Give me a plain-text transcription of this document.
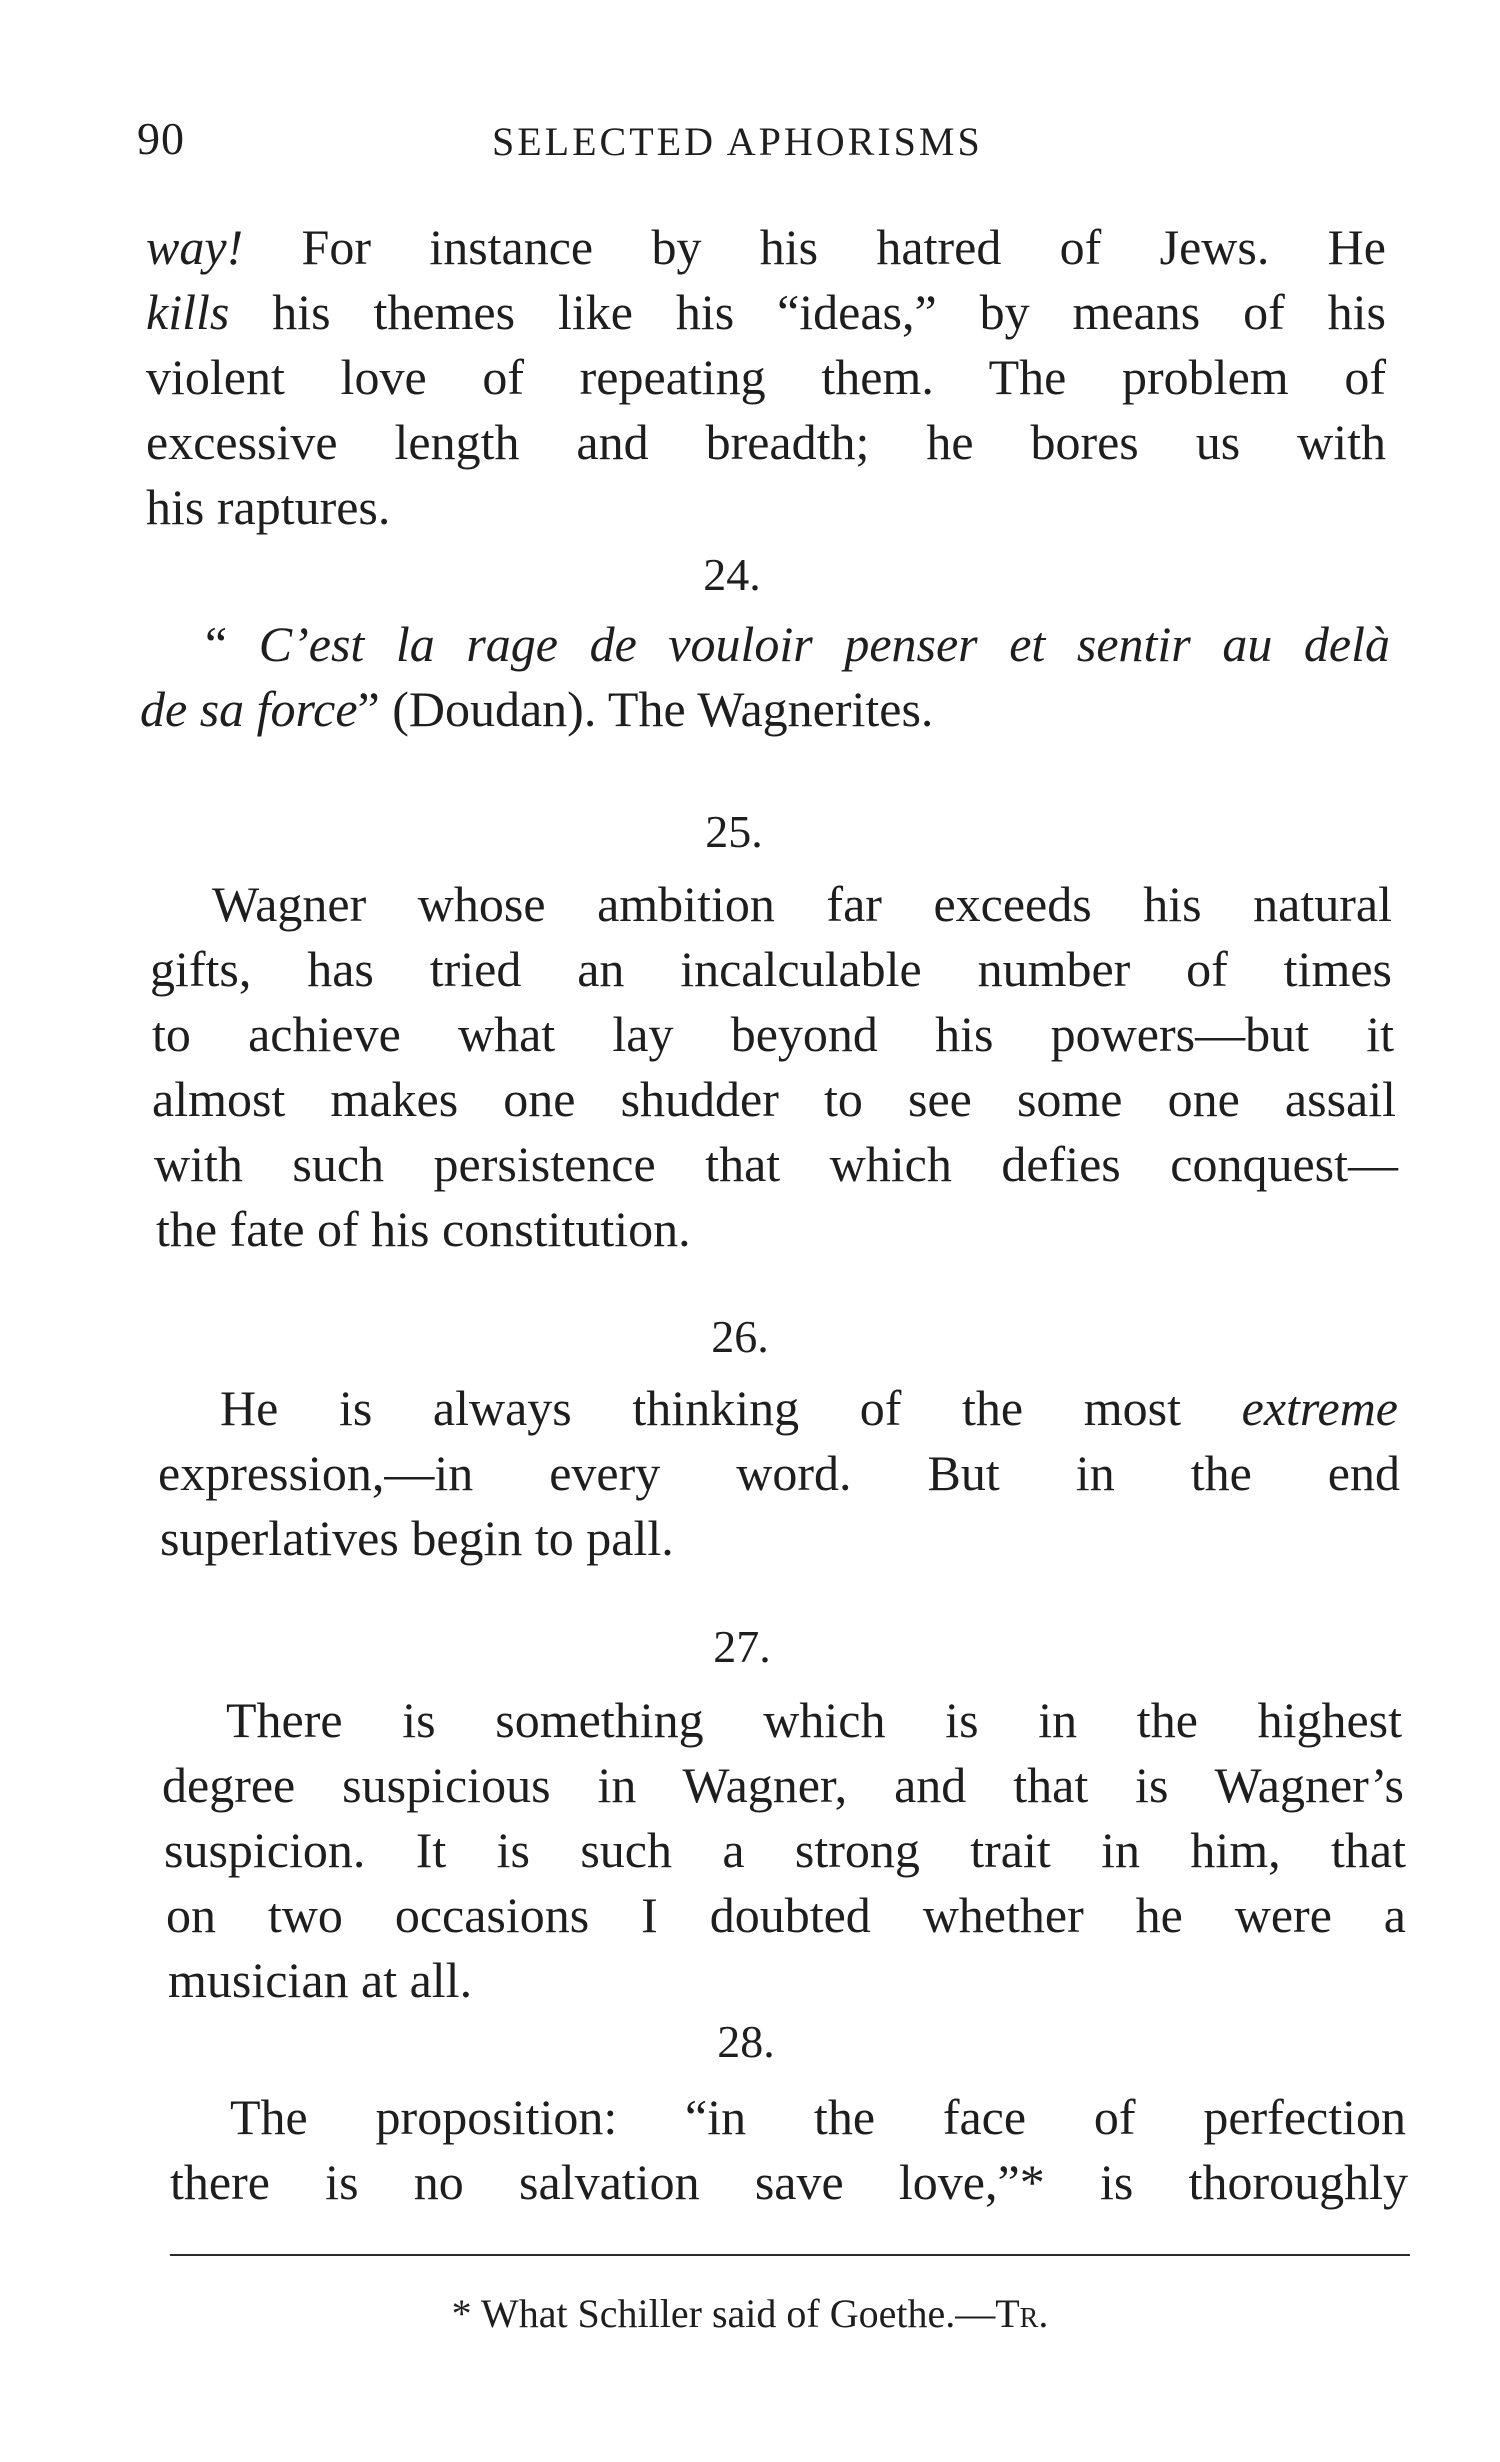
90	SELECTED APHORISMS
way! For instance by his hatred of Jews. He
kills his themes like his “ideas,” by means of his
violent love of repeating them. The problem of
excessive length and breadth; he bores us with
his raptures.
24.
“ C’est la rage de vouloir penser et sentir au delà
de sa force” (Doudan). The Wagnerites.
25.
Wagner whose ambition far exceeds his natural
gifts, has tried an incalculable number of times
to achieve what lay beyond his powers—but it
almost makes one shudder to see some one assail
with such persistence that which defies conquest—
the fate of his constitution.
26.
He is always thinking of the most extreme
expression,—in every word. But in the end
superlatives begin to pall.
27.
There is something which is in the highest
degree suspicious in Wagner, and that is Wagner’s
suspicion. It is such a strong trait in him, that
on two occasions I doubted whether he were a
musician at all.
28.
The proposition: “in the face of perfection
there is no salvation save love,”* is thoroughly
* What Schiller said of Goethe.—Tr.
